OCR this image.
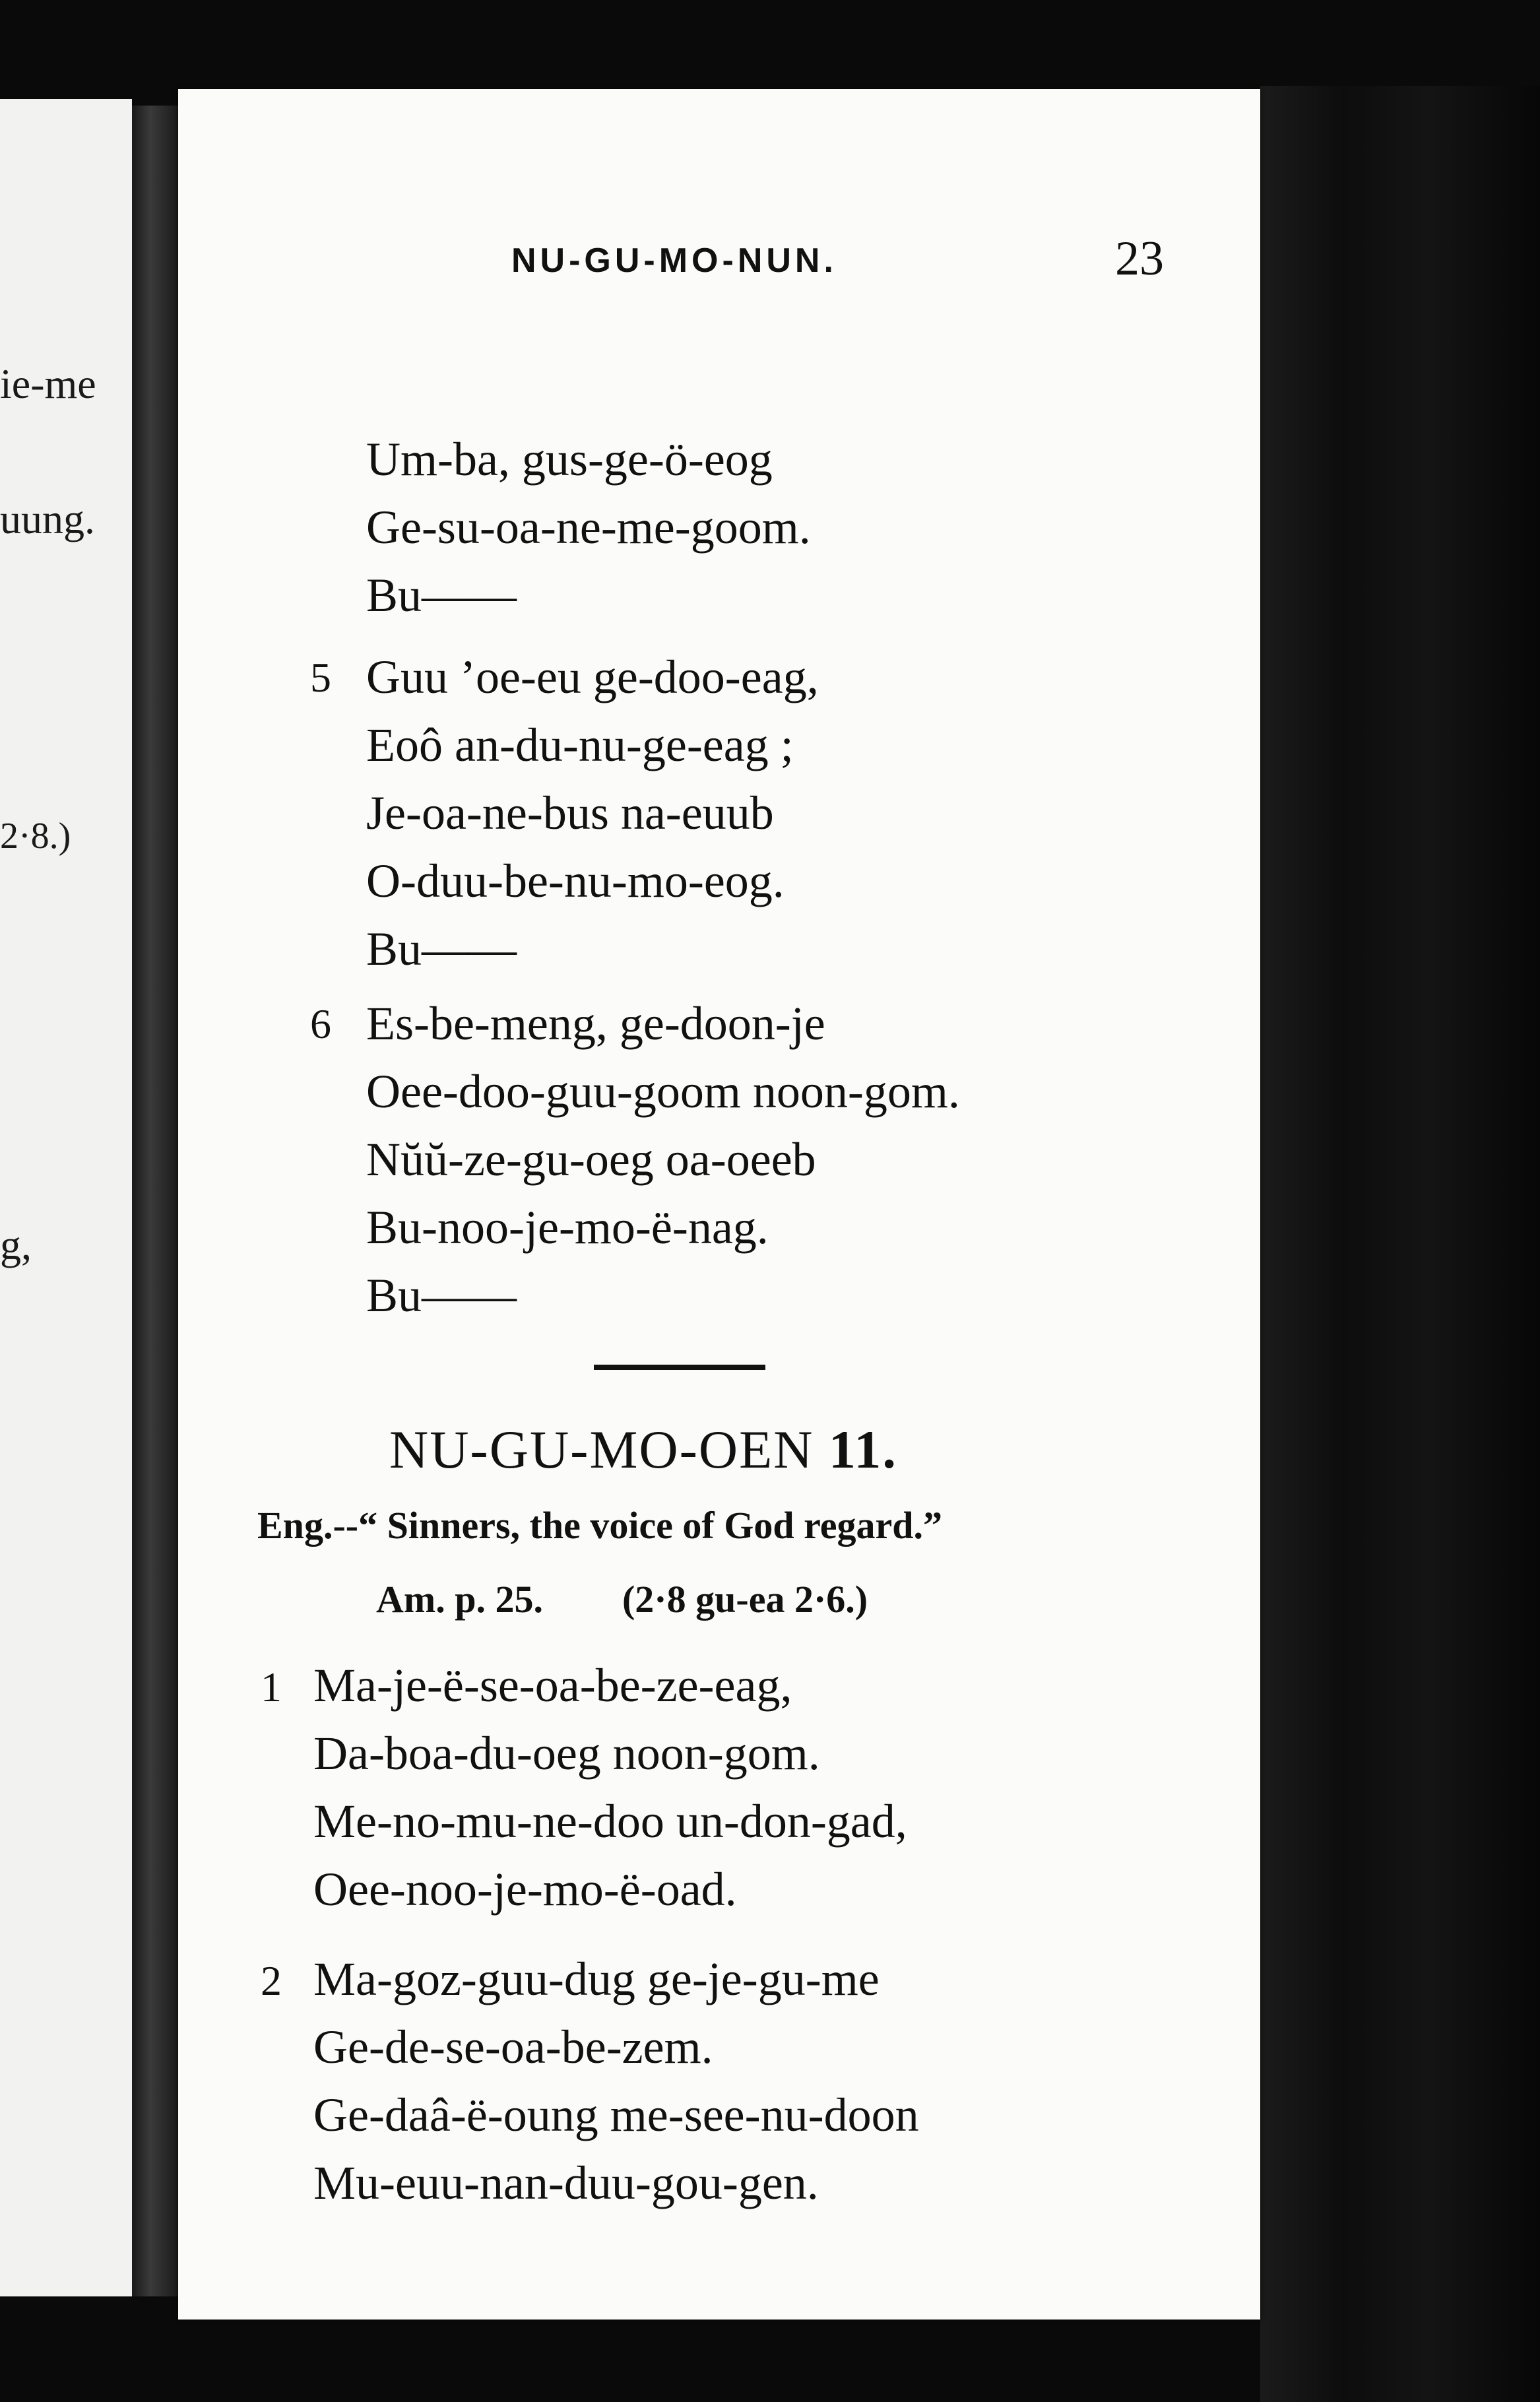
ie-me
uung.
2·8.)
g,
NU-GU-MO-NUN.	23
Um-ba, gus-ge-ö-eog
Ge-su-oa-ne-me-goom.
Bu——
5 Guu ’oe-eu ge-doo-eag,
Eoô an-du-nu-ge-eag ;
Je-oa-ne-bus na-euub
O-duu-be-nu-mo-eog.
Bu——
6 Es-be-meng, ge-doon-je
Oee-doo-guu-goom noon-gom.
Nŭŭ-ze-gu-oeg oa-oeeb
Bu-noo-je-mo-ë-nag.
Bu——
NU-GU-MO-OEN 11.
Eng.--“ Sinners, the voice of God regard.”
Am. p. 25. (2·8 gu-ea 2·6.)
1 Ma-je-ë-se-oa-be-ze-eag,
Da-boa-du-oeg noon-gom.
Me-no-mu-ne-doo un-don-gad,
Oee-noo-je-mo-ë-oad.
2 Ma-goz-guu-dug ge-je-gu-me
Ge-de-se-oa-be-zem.
Ge-daâ-ë-oung me-see-nu-doon
Mu-euu-nan-duu-gou-gen.
